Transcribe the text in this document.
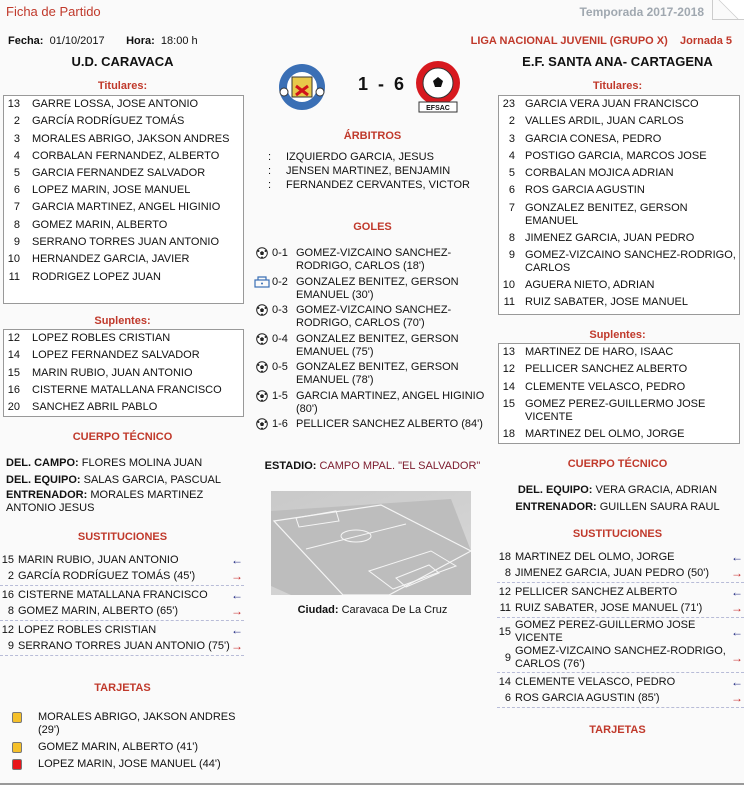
Ficha de Partido	Temporada 2017-2018
Fecha: 01/10/2017 Hora: 18:00 h	LIGA NACIONAL JUVENIL (GRUPO X) Jornada 5
U.D. CARAVACA
Titulares:
13	GARRE LOSSA, JOSE ANTONIO
2	GARCÍA RODRÍGUEZ TOMÁS
3	MORALES ABRIGO, JAKSON ANDRES
4	CORBALAN FERNANDEZ, ALBERTO
5	GARCIA FERNANDEZ SALVADOR
6	LOPEZ MARIN, JOSE MANUEL
7	GARCIA MARTINEZ, ANGEL HIGINIO
8	GOMEZ MARIN, ALBERTO
9	SERRANO TORRES JUAN ANTONIO
10	HERNANDEZ GARCIA, JAVIER
11	RODRIGEZ LOPEZ JUAN
Suplentes:
12	LOPEZ ROBLES CRISTIAN
14	LOPEZ FERNANDEZ SALVADOR
15	MARIN RUBIO, JUAN ANTONIO
16	CISTERNE MATALLANA FRANCISCO
20	SANCHEZ ABRIL PABLO
CUERPO TÉCNICO
DEL. CAMPO: FLORES MOLINA JUAN
DEL. EQUIPO: SALAS GARCIA, PASCUAL
ENTRENADOR: MORALES MARTINEZ ANTONIO JESUS
SUSTITUCIONES
15 MARIN RUBIO, JUAN ANTONIO	←
2 GARCÍA RODRÍGUEZ TOMÁS (45')	→
16 CISTERNE MATALLANA FRANCISCO	←
8 GOMEZ MARIN, ALBERTO (65')	→
12 LOPEZ ROBLES CRISTIAN	←
9 SERRANO TORRES JUAN ANTONIO (75') →
TARJETAS
MORALES ABRIGO, JAKSON ANDRES (29')
GOMEZ MARIN, ALBERTO (41')
LOPEZ MARIN, JOSE MANUEL (44')
1 - 6
EFSAC
ÁRBITROS
:	IZQUIERDO GARCIA, JESUS
:	JENSEN MARTINEZ, BENJAMIN
:	FERNANDEZ CERVANTES, VICTOR
GOLES
0-1 GOMEZ-VIZCAINO SANCHEZ-RODRIGO, CARLOS (18')
0-2 GONZALEZ BENITEZ, GERSON EMANUEL (30')
0-3 GOMEZ-VIZCAINO SANCHEZ-RODRIGO, CARLOS (70')
0-4 GONZALEZ BENITEZ, GERSON EMANUEL (75')
0-5 GONZALEZ BENITEZ, GERSON EMANUEL (78')
1-5 GARCIA MARTINEZ, ANGEL HIGINIO (80')
1-6 PELLICER SANCHEZ ALBERTO (84')
ESTADIO: CAMPO MPAL. "EL SALVADOR"
Ciudad: Caravaca De La Cruz
E.F. SANTA ANA- CARTAGENA
Titulares:
23 GARCIA VERA JUAN FRANCISCO
2 VALLES ARDIL, JUAN CARLOS
3 GARCIA CONESA, PEDRO
4 POSTIGO GARCIA, MARCOS JOSE
5 CORBALAN MOJICA ADRIAN
6 ROS GARCIA AGUSTIN
7 GONZALEZ BENITEZ, GERSON EMANUEL
8 JIMENEZ GARCIA, JUAN PEDRO
9 GOMEZ-VIZCAINO SANCHEZ-RODRIGO, CARLOS
10 AGUERA NIETO, ADRIAN
11 RUIZ SABATER, JOSE MANUEL
Suplentes:
13 MARTINEZ DE HARO, ISAAC
12 PELLICER SANCHEZ ALBERTO
14 CLEMENTE VELASCO, PEDRO
15 GOMEZ PEREZ-GUILLERMO JOSE VICENTE
18 MARTINEZ DEL OLMO, JORGE
CUERPO TÉCNICO
DEL. EQUIPO: VERA GRACIA, ADRIAN
ENTRENADOR: GUILLEN SAURA RAUL
SUSTITUCIONES
18 MARTINEZ DEL OLMO, JORGE	←
8 JIMENEZ GARCIA, JUAN PEDRO (50')	→
12 PELLICER SANCHEZ ALBERTO	←
11 RUIZ SABATER, JOSE MANUEL (71')	→
15
GOMEZ PEREZ-GUILLERMO JOSE VICENTE	←
9
GOMEZ-VIZCAINO SANCHEZ-RODRIGO, CARLOS (76')	→
14 CLEMENTE VELASCO, PEDRO	←
6 ROS GARCIA AGUSTIN (85')	→
TARJETAS
